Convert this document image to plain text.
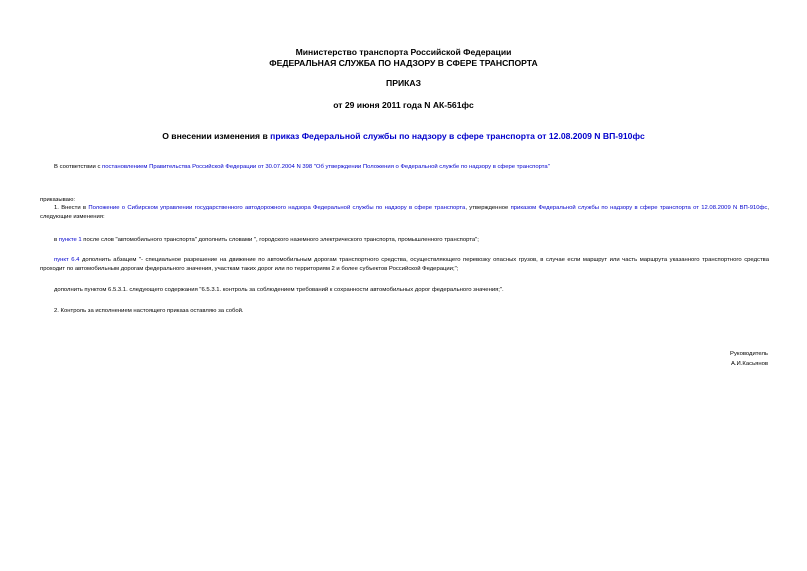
Министерство транспорта Российской Федерации
ФЕДЕРАЛЬНАЯ СЛУЖБА ПО НАДЗОРУ В СФЕРЕ ТРАНСПОРТА
ПРИКАЗ
от 29 июня 2011 года N АК-561фс
О внесении изменения в приказ Федеральной службы по надзору в сфере транспорта от 12.08.2009 N ВП-910фс
В соответствии с постановлением Правительства Российской Федерации от 30.07.2004 N 398 "Об утверждении Положения о Федеральной службе по надзору в сфере транспорта"
приказываю:
1. Внести в Положение о Сибирском управлении государственного автодорожного надзора Федеральной службы по надзору в сфере транспорта, утвержденное приказом Федеральной службы по надзору в сфере транспорта от 12.08.2009 N ВП-910фс, следующие изменения:
в пункте 1 после слов "автомобильного транспорта" дополнить словами ", городского наземного электрического транспорта, промышленного транспорта";
пункт 6.4 дополнить абзацем "- специальное разрешение на движение по автомобильным дорогам транспортного средства, осуществляющего перевозку опасных грузов, в случае если маршрут или часть маршрута указанного транспортного средства проходит по автомобильным дорогам федерального значения, участкам таких дорог или по территориям 2 и более субъектов Российской Федерации;";
дополнить пунктом 6.5.3.1. следующего содержания "6.5.3.1. контроль за соблюдением требований к сохранности автомобильных дорог федерального значения;".
2. Контроль за исполнением настоящего приказа оставляю за собой.
Руководитель
А.И.Касьянов
